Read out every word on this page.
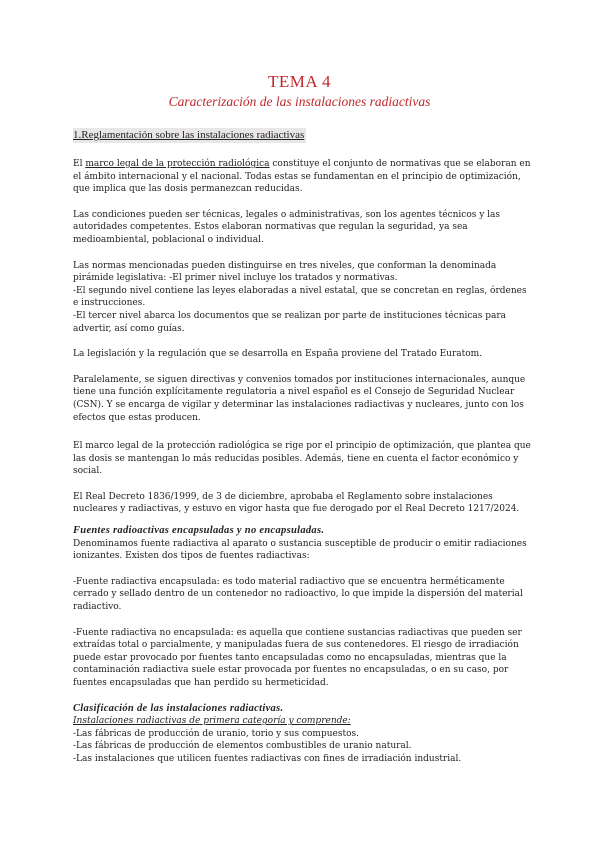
TEMA 4
Caracterización de las instalaciones radiactivas
1.Reglamentación sobre las instalaciones radiactivas

El marco legal de la protección radiológica constituye el conjunto de normativas que se elaboran en el ámbito internacional y el nacional. Todas estas se fundamentan en el principio de optimización, que implica que las dosis permanezcan reducidas.

Las condiciones pueden ser técnicas, legales o administrativas, son los agentes técnicos y las autoridades competentes. Estos elaboran normativas que regulan la seguridad, ya sea medioambiental, poblacional o individual.

Las normas mencionadas pueden distinguirse en tres niveles, que conforman la denominada pirámide legislativa: -El primer nivel incluye los tratados y normativas.

-El segundo nivel contiene las leyes elaboradas a nivel estatal, que se concretan en reglas, órdenes e instrucciones.

-El tercer nivel abarca los documentos que se realizan por parte de instituciones técnicas para advertir, así como guías.

La legislación y la regulación que se desarrolla en España proviene del Tratado Euratom.

Paralelamente, se siguen directivas y convenios tomados por instituciones internacionales, aunque tiene una función explícitamente regulatoria a nivel español es el Consejo de Seguridad Nuclear (CSN). Y se encarga de vigilar y determinar las instalaciones radiactivas y nucleares, junto con los efectos que estas producen.

El marco legal de la protección radiológica se rige por el principio de optimización, que plantea que las dosis se mantengan lo más reducidas posibles. Además, tiene en cuenta el factor económico y social.

El Real Decreto 1836/1999, de 3 de diciembre, aprobaba el Reglamento sobre instalaciones nucleares y radiactivas, y estuvo en vigor hasta que fue derogado por el Real Decreto 1217/2024.

Fuentes radioactivas encapsuladas y no encapsuladas.

Denominamos fuente radiactiva al aparato o sustancia susceptible de producir o emitir radiaciones ionizantes. Existen dos tipos de fuentes radiactivas:

-Fuente radiactiva encapsulada: es todo material radiactivo que se encuentra herméticamente cerrado y sellado dentro de un contenedor no radioactivo, lo que impide la dispersión del material radiactivo.

-Fuente radiactiva no encapsulada: es aquella que contiene sustancias radiactivas que pueden ser extraídas total o parcialmente, y manipuladas fuera de sus contenedores. El riesgo de irradiación puede estar provocado por fuentes tanto encapsuladas como no encapsuladas, mientras que la contaminación radiactiva suele estar provocada por fuentes no encapsuladas, o en su caso, por fuentes encapsuladas que han perdido su hermeticidad.

Clasificación de las instalaciones radiactivas.

Instalaciones radiactivas de primera categoría y comprende:

-Las fábricas de producción de uranio, torio y sus compuestos.

-Las fábricas de producción de elementos combustibles de uranio natural.

-Las instalaciones que utilicen fuentes radiactivas con fines de irradiación industrial.
